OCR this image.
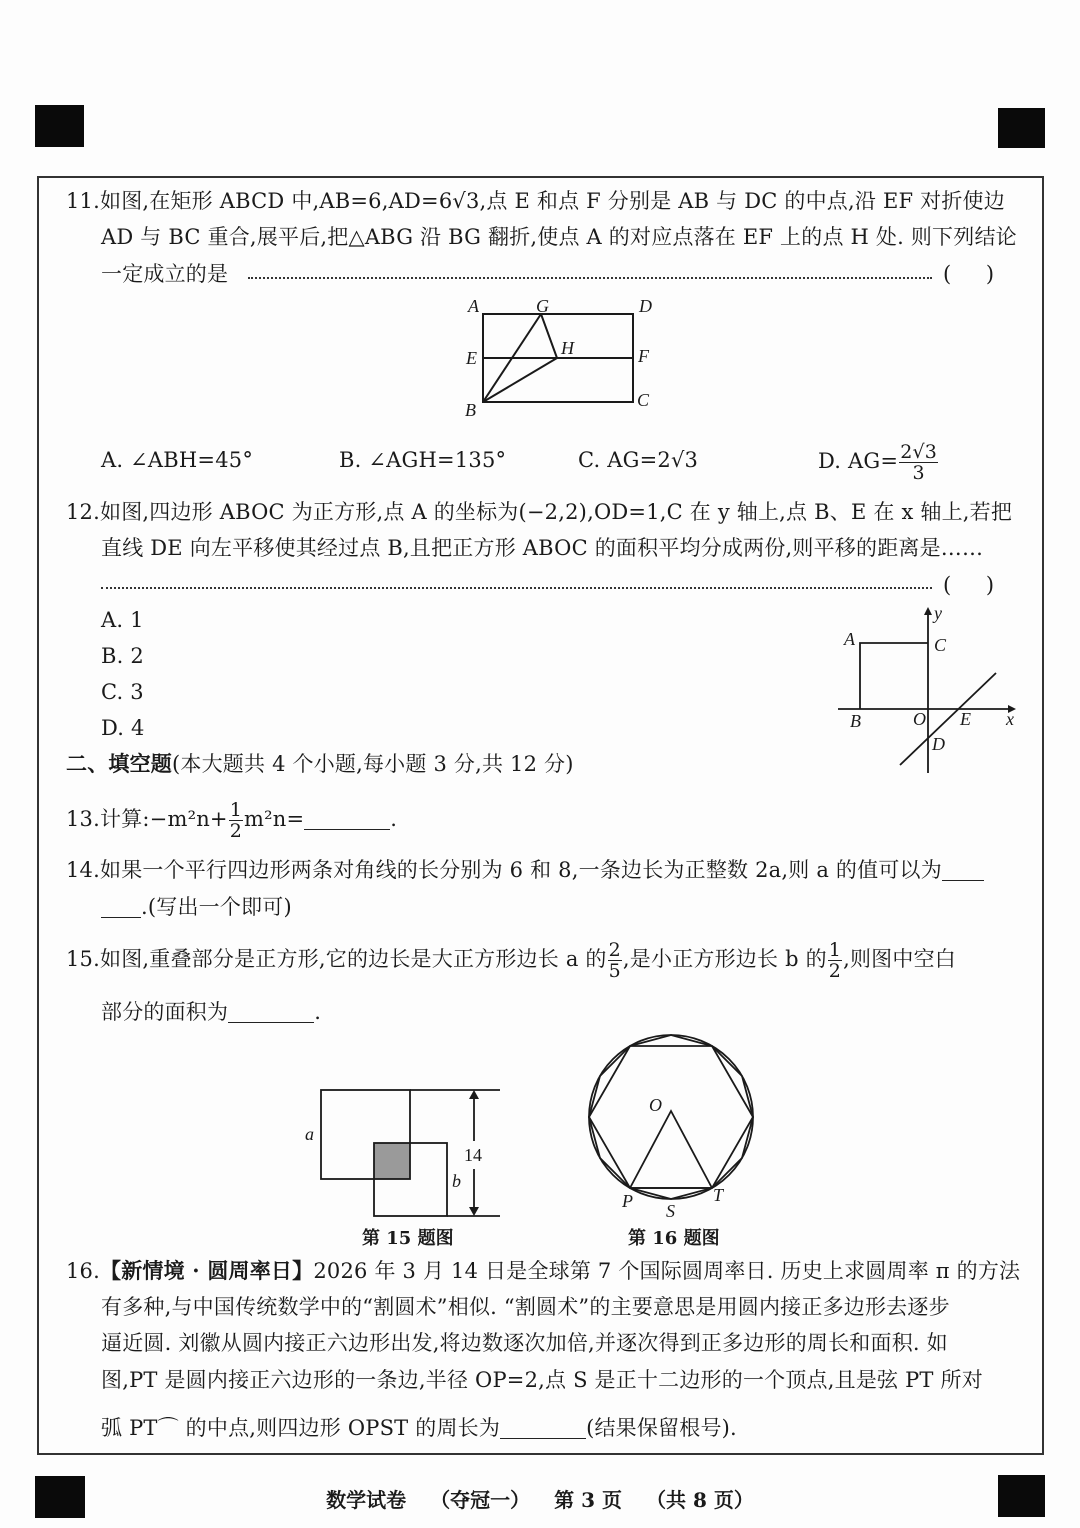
11.如图,在矩形 ABCD 中,AB=6,AD=6√3,点 E 和点 F 分别是 AB 与 DC 的中点,沿 EF 对折使边
AD 与 BC 重合,展平后,把△ABG 沿 BG 翻折,使点 A 的对应点落在 EF 上的点 H 处. 则下列结论
一定成立的是	( )
A	G	D
E	H	F
B	C
A. ∠ABH=45°	B. ∠AGH=135°	C. AG=2√3	D. $AG= \frac{2√3}{3}$
12.如图,四边形 ABOC 为正方形,点 A 的坐标为(−2,2),OD=1,C 在 y 轴上,点 B、E 在 x 轴上,若把
直线 DE 向左平移使其经过点 B,且把正方形 ABOC 的面积平均分成两份,则平移的距离是……
( )
A. 1
B. 2
C. 3
D. 4
A	C
y
B	O E x
D
二、填空题(本大题共 4 个小题,每小题 3 分,共 12 分)
13.计算:−m²n+ $\frac{1}{2} m^2n=$	.
14.如果一个平行四边形两条对角线的长分别为 6 和 8,一条边长为正整数 2a,则 a 的值可以为
.(写出一个即可)
15.如图,重叠部分是正方形,它的边长是大正方形边长 a 的 $\frac{2}{5}$ ,是小正方形边长 b 的 $\frac{1}{2}$ ,则图中空白
部分的面积为	.
a
b
14
第 15 题图
O
P S
T
第 16 题图
16.【新情境 · 圆周率日】2026 年 3 月 14 日是全球第 7 个国际圆周率日. 历史上求圆周率 π 的方法
有多种,与中国传统数学中的“割圆术”相似. “割圆术”的主要意思是用圆内接正多边形去逐步
逼近圆. 刘徽从圆内接正六边形出发,将边数逐次加倍,并逐次得到正多边形的周长和面积. 如
图,PT 是圆内接正六边形的一条边,半径 OP=2,点 S 是正十二边形的一个顶点,且是弦 PT 所对
弧 PT⌒ 的中点,则四边形 OPST 的周长为	(结果保留根号).
数学试卷 （夺冠一） 第 3 页 （共 8 页）
